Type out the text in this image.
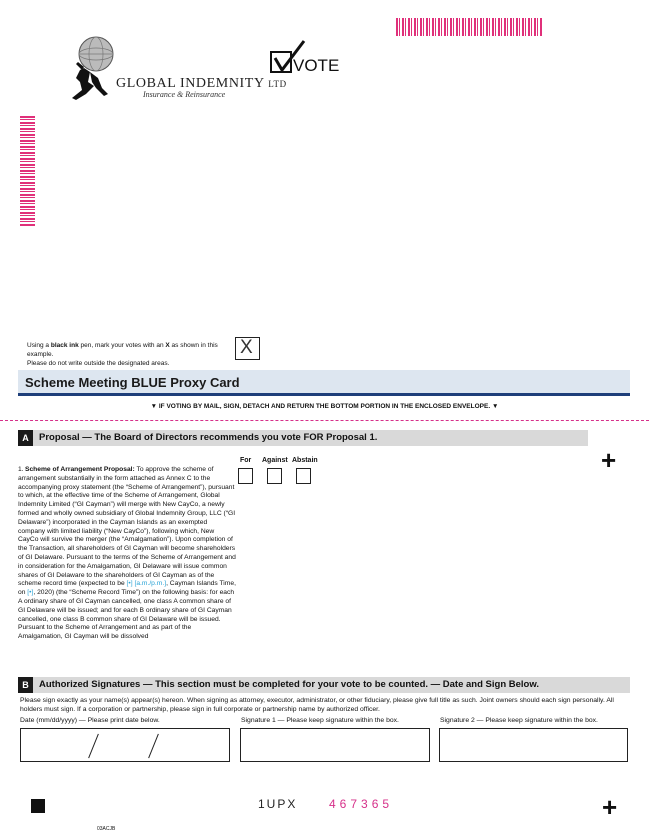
GLOBAL INDEMNITY LTD
Insurance & Reinsurance
VOTE
Using a black ink pen, mark your votes with an X as shown in this example.
Please do not write outside the designated areas.
X
Scheme Meeting BLUE Proxy Card
▼ IF VOTING BY MAIL, SIGN, DETACH AND RETURN THE BOTTOM PORTION IN THE ENCLOSED ENVELOPE. ▼
A	Proposal — The Board of Directors recommends you vote FOR Proposal 1.
+
For Against Abstain
1.Scheme of Arrangement Proposal: To approve the scheme of arrangement substantially in the form attached as Annex C to the accompanying proxy statement (the “Scheme of Arrangement”), pursuant to which, at the effective time of the Scheme of Arrangement, Global Indemnity Limited (“GI Cayman”) will merge with New CayCo, a newly formed and wholly owned subsidiary of Global Indemnity Group, LLC (“GI Delaware”) incorporated in the Cayman Islands as an exempted company with limited liability (“New CayCo”), following which, New CayCo will survive the merger (the “Amalgamation”). Upon completion of the Transaction, all shareholders of GI Cayman will become shareholders of GI Delaware. Pursuant to the terms of the Scheme of Arrangement and in consideration for the Amalgamation, GI Delaware will issue common shares of GI Delaware to the shareholders of GI Cayman as of the scheme record time (expected to be [•] [a.m./p.m.], Cayman Islands Time, on [•], 2020) (the “Scheme Record Time”) on the following basis: for each A ordinary share of GI Cayman cancelled, one class A common share of GI Delaware will be issued; and for each B ordinary share of GI Cayman cancelled, one class B common share of GI Delaware will be issued. Pursuant to the Scheme of Arrangement and as part of the Amalgamation, GI Cayman will be dissolved
B	Authorized Signatures — This section must be completed for your vote to be counted. — Date and Sign Below.
Please sign exactly as your name(s) appear(s) hereon. When signing as attorney, executor, administrator, or other fiduciary, please give full title as such. Joint owners should each sign personally. All holders must sign. If a corporation or partnership, please sign in full corporate or partnership name by authorized officer.
Date (mm/dd/yyyy) — Please print date below.	Signature 1 — Please keep signature within the box.	Signature 2 — Please keep signature within the box.
1UPX	467365	+
03ACJB
